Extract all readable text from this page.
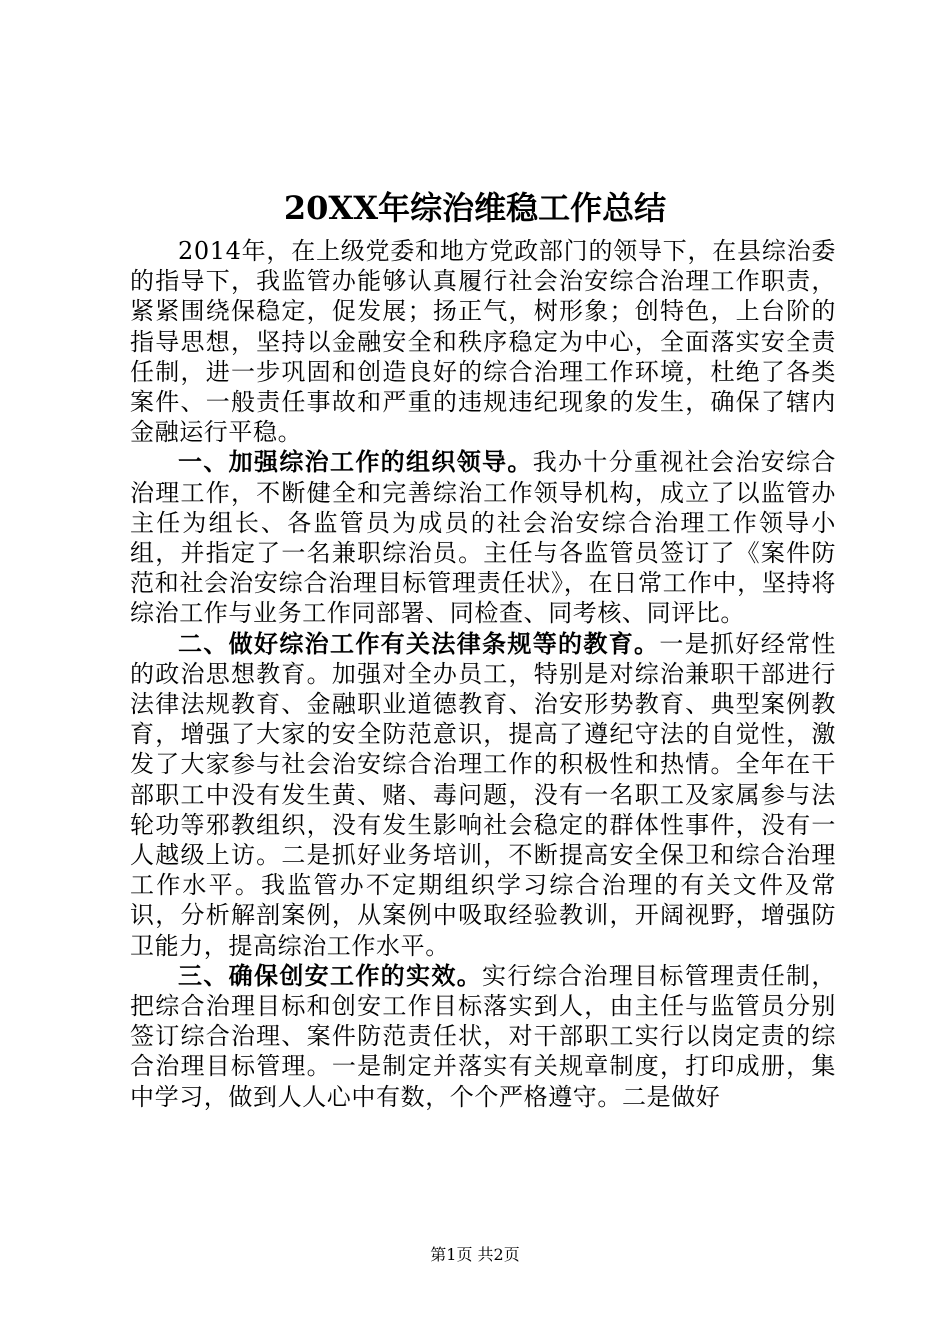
20XX年综治维稳工作总结

2014年，在上级党委和地方党政部门的领导下，在县综治委的指导下，我监管办能够认真履行社会治安综合治理工作职责，紧紧围绕保稳定，促发展；扬正气，树形象；创特色，上台阶的指导思想，坚持以金融安全和秩序稳定为中心，全面落实安全责任制，进一步巩固和创造良好的综合治理工作环境，杜绝了各类案件、一般责任事故和严重的违规违纪现象的发生，确保了辖内金融运行平稳。

一、加强综治工作的组织领导。我办十分重视社会治安综合治理工作，不断健全和完善综治工作领导机构，成立了以监管办主任为组长、各监管员为成员的社会治安综合治理工作领导小组，并指定了一名兼职综治员。主任与各监管员签订了《案件防范和社会治安综合治理目标管理责任状》，在日常工作中，坚持将综治工作与业务工作同部署、同检查、同考核、同评比。

二、做好综治工作有关法律条规等的教育。一是抓好经常性的政治思想教育。加强对全办员工，特别是对综治兼职干部进行法律法规教育、金融职业道德教育、治安形势教育、典型案例教育，增强了大家的安全防范意识，提高了遵纪守法的自觉性，激发了大家参与社会治安综合治理工作的积极性和热情。全年在干部职工中没有发生黄、赌、毒问题，没有一名职工及家属参与法轮功等邪教组织，没有发生影响社会稳定的群体性事件，没有一人越级上访。二是抓好业务培训，不断提高安全保卫和综合治理工作水平。我监管办不定期组织学习综合治理的有关文件及常识，分析解剖案例，从案例中吸取经验教训，开阔视野，增强防卫能力，提高综治工作水平。

三、确保创安工作的实效。实行综合治理目标管理责任制，把综合治理目标和创安工作目标落实到人，由主任与监管员分别签订综合治理、案件防范责任状，对干部职工实行以岗定责的综合治理目标管理。一是制定并落实有关规章制度，打印成册，集中学习，做到人人心中有数，个个严格遵守。二是做好

第1页 共2页
